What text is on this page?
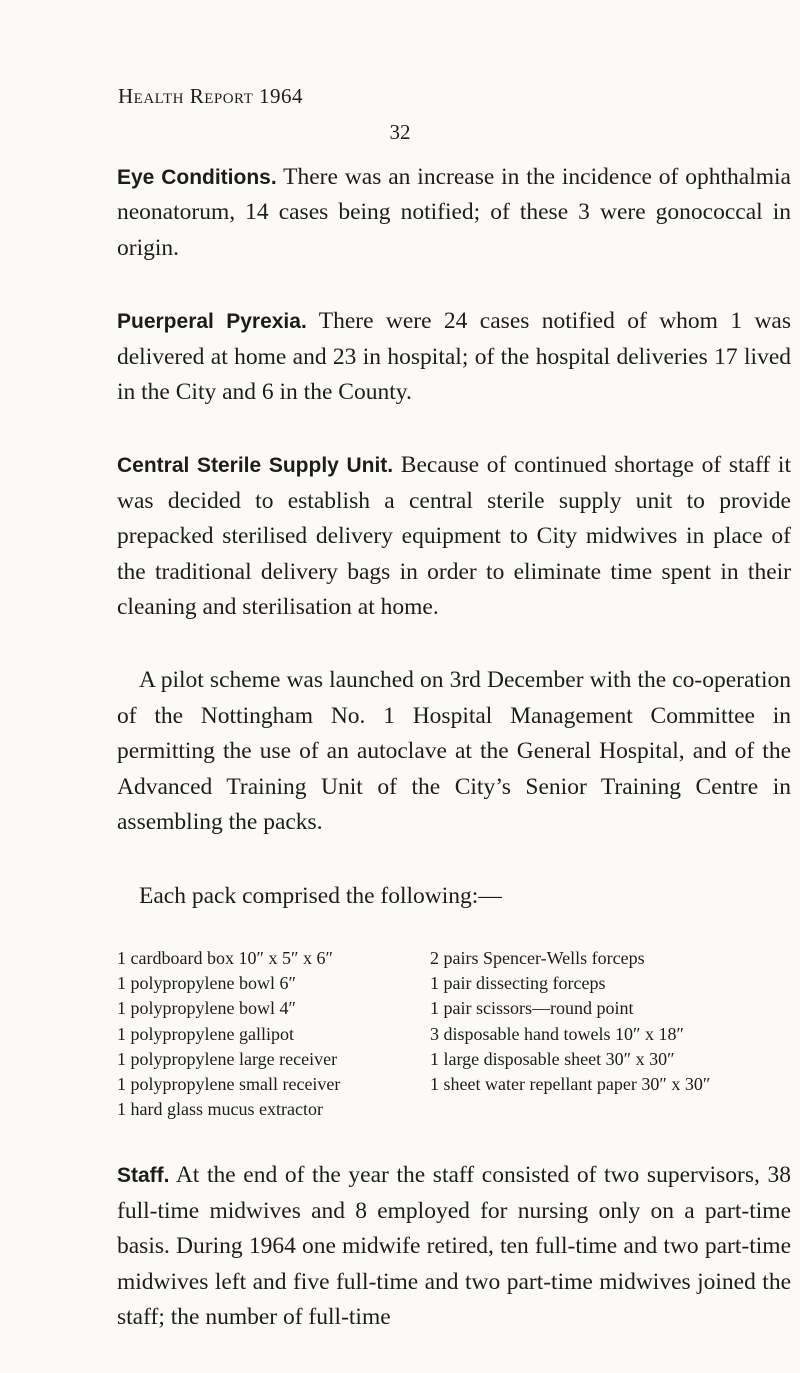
Health Report 1964
32

Eye Conditions. There was an increase in the incidence of ophthalmia neonatorum, 14 cases being notified; of these 3 were gonococcal in origin.

Puerperal Pyrexia. There were 24 cases notified of whom 1 was delivered at home and 23 in hospital; of the hospital deliveries 17 lived in the City and 6 in the County.

Central Sterile Supply Unit. Because of continued shortage of staff it was decided to establish a central sterile supply unit to provide prepacked sterilised delivery equipment to City midwives in place of the traditional delivery bags in order to eliminate time spent in their cleaning and sterilisation at home.

A pilot scheme was launched on 3rd December with the co-operation of the Nottingham No. 1 Hospital Management Committee in permitting the use of an autoclave at the General Hospital, and of the Advanced Training Unit of the City’s Senior Training Centre in assembling the packs.

Each pack comprised the following:—

1 cardboard box 10″ x 5″ x 6″
1 polypropylene bowl 6″
1 polypropylene bowl 4″
1 polypropylene gallipot
1 polypropylene large receiver
1 polypropylene small receiver
1 hard glass mucus extractor
2 pairs Spencer-Wells forceps
1 pair dissecting forceps
1 pair scissors—round point
3 disposable hand towels 10″ x 18″
1 large disposable sheet 30″ x 30″
1 sheet water repellant paper 30″ x 30″

Staff. At the end of the year the staff consisted of two supervisors, 38 full-time midwives and 8 employed for nursing only on a part-time basis. During 1964 one midwife retired, ten full-time and two part-time midwives left and five full-time and two part-time midwives joined the staff; the number of full-time
